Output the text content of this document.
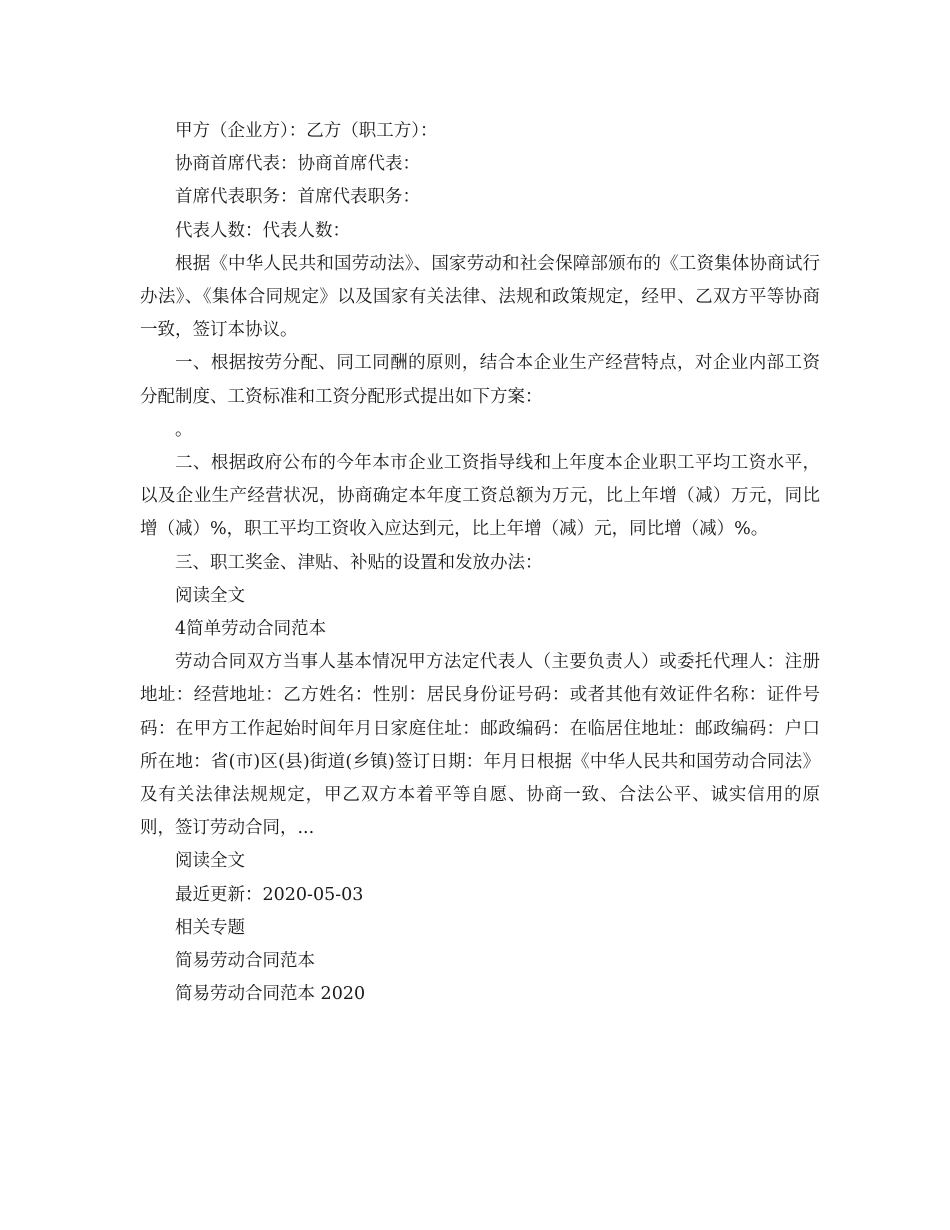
甲方（企业方）：乙方（职工方）：

协商首席代表：协商首席代表：

首席代表职务：首席代表职务：

代表人数：代表人数：

根据《中华人民共和国劳动法》、国家劳动和社会保障部颁布的《工资集体协商试行办法》、《集体合同规定》以及国家有关法律、法规和政策规定，经甲、乙双方平等协商一致，签订本协议。

一、根据按劳分配、同工同酬的原则，结合本企业生产经营特点，对企业内部工资分配制度、工资标准和工资分配形式提出如下方案：

。

二、根据政府公布的今年本市企业工资指导线和上年度本企业职工平均工资水平，以及企业生产经营状况，协商确定本年度工资总额为万元，比上年增（减）万元，同比增（减）%，职工平均工资收入应达到元，比上年增（减）元，同比增（减）%。

三、职工奖金、津贴、补贴的设置和发放办法：

阅读全文

4简单劳动合同范本

劳动合同双方当事人基本情况甲方法定代表人（主要负责人）或委托代理人：注册地址：经营地址：乙方姓名：性别：居民身份证号码：或者其他有效证件名称：证件号码：在甲方工作起始时间年月日家庭住址：邮政编码：在临居住地址：邮政编码：户口所在地：省(市)区(县)街道(乡镇)签订日期：年月日根据《中华人民共和国劳动合同法》及有关法律法规规定，甲乙双方本着平等自愿、协商一致、合法公平、诚实信用的原则，签订劳动合同，...

阅读全文

最近更新：2020-05-03

相关专题

简易劳动合同范本

简易劳动合同范本 2020
